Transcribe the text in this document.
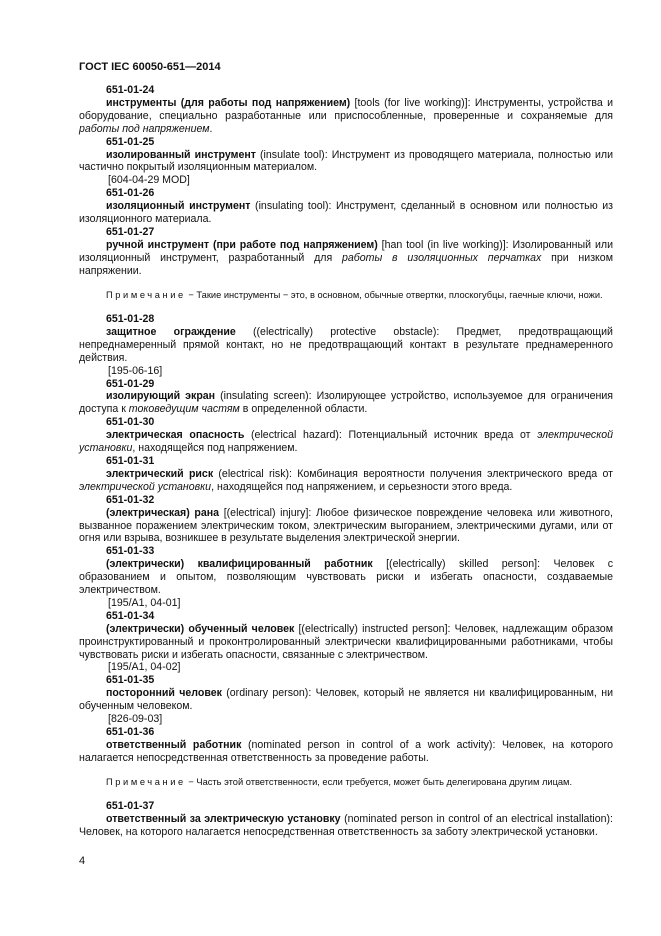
ГОСТ IEC 60050-651—2014
651-01-24
инструменты (для работы под напряжением) [tools (for live working)]: Инструменты, устройства и оборудование, специально разработанные или приспособленные, проверенные и сохраняемые для работы под напряжением.
651-01-25
изолированный инструмент (insulate tool): Инструмент из проводящего материала, полностью или частично покрытый изоляционным материалом.
[604-04-29 MOD]
651-01-26
изоляционный инструмент (insulating tool): Инструмент, сделанный в основном или полностью из изоляционного материала.
651-01-27
ручной инструмент (при работе под напряжением) [han tool (in live working)]: Изолированный или изоляционный инструмент, разработанный для работы в изоляционных перчатках при низком напряжении.
Примечание − Такие инструменты − это, в основном, обычные отвертки, плоскогубцы, гаечные ключи, ножи.
651-01-28
защитное ограждение ((electrically) protective obstacle): Предмет, предотвращающий непреднамеренный прямой контакт, но не предотвращающий контакт в результате преднамеренного действия.
[195-06-16]
651-01-29
изолирующий экран (insulating screen): Изолирующее устройство, используемое для ограничения доступа к токоведущим частям в определенной области.
651-01-30
электрическая опасность (electrical hazard): Потенциальный источник вреда от электрической установки, находящейся под напряжением.
651-01-31
электрический риск (electrical risk): Комбинация вероятности получения электрического вреда от электрической установки, находящейся под напряжением, и серьезности этого вреда.
651-01-32
(электрическая) рана [(electrical) injury]: Любое физическое повреждение человека или животного, вызванное поражением электрическим током, электрическим выгоранием, электрическими дугами, или от огня или взрыва, возникшее в результате выделения электрической энергии.
651-01-33
(электрически) квалифицированный работник [(electrically) skilled person]: Человек с образованием и опытом, позволяющим чувствовать риски и избегать опасности, создаваемые электричеством.
[195/A1, 04-01]
651-01-34
(электрически) обученный человек [(electrically) instructed person]: Человек, надлежащим образом проинструктированный и проконтролированный электрически квалифицированными работниками, чтобы чувствовать риски и избегать опасности, связанные с электричеством.
[195/A1, 04-02]
651-01-35
посторонний человек (ordinary person): Человек, который не является ни квалифицированным, ни обученным человеком.
[826-09-03]
651-01-36
ответственный работник (nominated person in control of a work activity): Человек, на которого налагается непосредственная ответственность за проведение работы.
Примечание − Часть этой ответственности, если требуется, может быть делегирована другим лицам.
651-01-37
ответственный за электрическую установку (nominated person in control of an electrical installation): Человек, на которого налагается непосредственная ответственность за заботу электрической установки.
4
